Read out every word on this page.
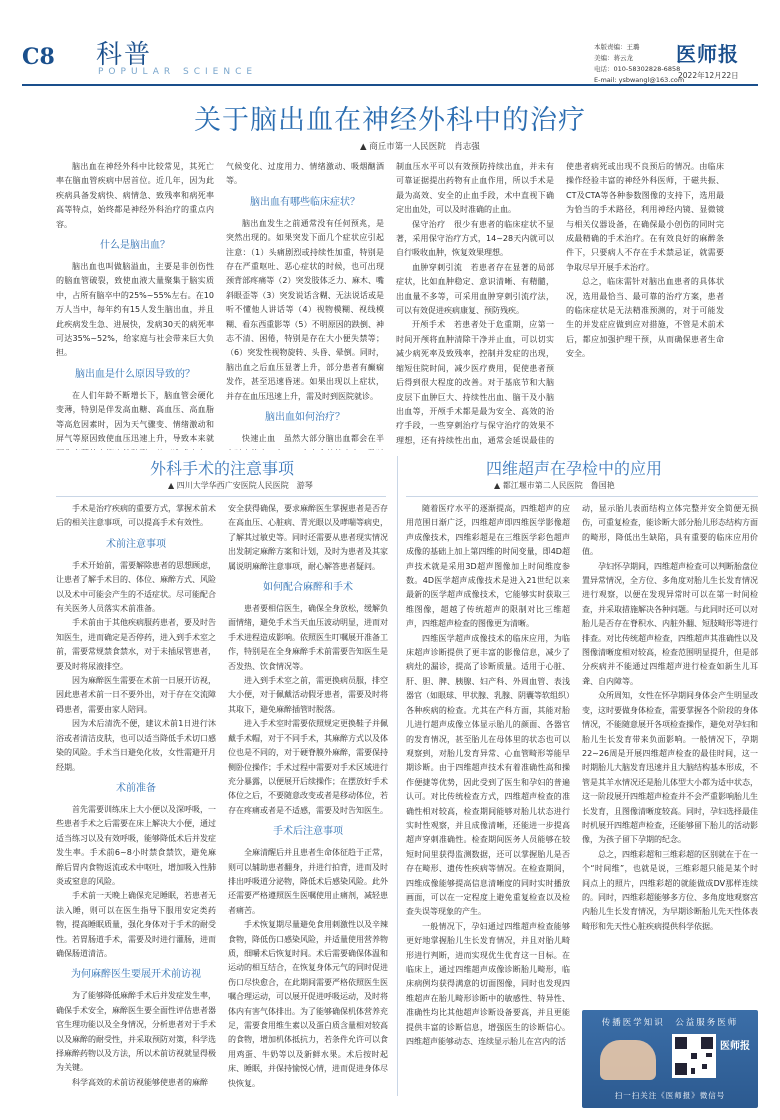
C8 科普
POPULAR SCIENCE
本版责编：王璐
美编：蒋云龙
电话：010-58302828-6858
E-mail: ysbwangl@163.com
医师报
2022年12月22日
关于脑出血在神经外科中的治疗
▲ 商丘市第一人民医院　肖志强

脑出血在神经外科中比较常见，其死亡率在脑血管疾病中居首位。近几年，因为此疾病具备发病快、病情急、致残率和病死率高等特点，始终都是神经外科治疗的重点内容。

什么是脑出血？

脑出血也叫做脑溢血，主要是非创伤性的脑血管破裂，致使血液大量聚集于脑实质中，占所有脑卒中的25%~55%左右。在10万人当中，每年约有15人发生脑出血，并且此疾病发生急、进展快，发病30天的病死率可达35%~52%，给家庭与社会带来巨大负担。

脑出血是什么原因导致的？

在人们年龄不断增长下，脑血管会硬化变薄，特别是伴发高血糖、高血压、高血脂等高危因素时，因为天气骤变、情绪激动和屏气等原因致使血压迅速上升，导致本来就

气候变化、过度用力、情绪激动、吸烟酗酒等。

脑出血有哪些临床症状？

脑出血发生之前通常没有任何预兆，是突然出现的。如果突发下面几个症状应引起注意：（1）头痛剧烈或持续性加重，特别是存在严重呕吐、恶心症状的时候，也可出现颈背部疼痛等（2）突发肢体乏力、麻木、嘴斜眼歪等（3）突发说话含糊、无法说话或是听不懂他人讲话等（4）视物模糊、视线模糊、看东西重影等（5）不明原因的跌倒、神志不清、困倦，特别是存在大小便失禁等；（6）突发性视物旋转、头昏、晕倒。同时，脑出血之后血压显著上升，部分患者有癫痫发作，甚至迅速昏迷。如果出现以上症状，并存在血压迅速上升，需及时到医院就诊。

脑出血如何治疗？

快速止血　虽然大部分脑出血都会在半

制血压水平可以有效预防持续出血，并未有可靠证据提出药物有止血作用，所以手术是最为高效、安全的止血手段，术中直视下确定出血处，可以及时准确的止血。

保守治疗　很少有患者的临床症状不显著，采用保守治疗方式，14~28天内就可以自行吸收血肿，恢复效果理想。

血肿穿刺引流　若患者存在显著的局部症状，比如血肿稳定、意识清晰、有精髓，出血量不多等，可采用血肿穿刺引流疗法，可以有效促进疾病康复、预防残疾。

开颅手术　若患者处于危重期，应第一时间开颅将血肿清除干净并止血，可以切实减少病死率及致残率，控制并发症的出现，缩短住院时间，减少医疗费用，促使患者预后得到很大程度的改善。对于基底节和大脑皮层下血肿巨大、持续性出血、脑干及小脑出血等，开颅手术都是最为安全、高效的治疗手段，一些穿刺治疗与保守治疗的效果不理想，还有持续性出血，通常会延误最佳的

使患者病死或出现不良预后的情况。由临床操作经验丰富的神经外科医师，于磁共振、CT及CTA等各种参数图像的支持下，选用最为恰当的手术路径，利用神经内镜、显微镜与相关仪器设备，在确保最小创伤的同时完成最精确的手术治疗。在有效良好的麻醉条件下，只要病人不存在手术禁忌证，就需要争取尽早开展手术治疗。

总之，临床需针对脑出血患者的具体状况，选用最恰当、最可靠的治疗方案，患者的临床症状是无法精准预测的，对于可能发生的并发症应做到应对措施，不管是术前术后，都应加强护理干预，从而确保患者生命安全。

外科手术的注意事项
▲ 四川大学华西广安医院人民医院　游琴

手术是治疗疾病的重要方式，掌握术前术后的相关注意事项，可以提高手术有效性。

术前注意事项

手术开始前，需要解除患者的思想顾虑，让患者了解手术目的、体位、麻醉方式、风险以及术中可能会产生的不适症状。尽可能配合有关医务人员落实术前准备。

手术前由于其他疾病服药患者，要及时告知医生，进而确定是否停药，进入到手术室之前，需要常规禁食禁水，对于未插尿管患者，要及时将尿液排空。

因为麻醉医生需要在术前一日展开访视，因此患者术前一日不要外出，对于存在交流障碍患者，需要由家人陪同。

因为术后清洗不便，建议术前1日进行沐浴或者清洁皮肤，也可以适当降低手术切口感染的风险。手术当日避免化妆，女性需避开月经期。

术前准备

首先需要训练床上大小便以及深呼吸，一些患者手术之后需要在床上解决大小便，通过适当练习以及有效呼吸，能够降低术后并发症发生率。手术前6~8小时禁食禁饮，避免麻醉后胃内食物返流或术中呕吐，增加吸入性肺炎或窒息的风险。

手术前一天晚上确保充足睡眠，若患者无法入睡，则可以在医生指导下服用安定类药物，提高睡眠质量，强化身体对于手术的耐受性。若胃肠道手术，需要及时进行灌肠，进而确保肠道清洁。

为何麻醉医生要展开术前访视

为了能够降低麻醉手术后并发症发生率，确保手术安全，麻醉医生要全面性评估患者器官生理功能以及全身情况，分析患者对于手术以及麻醉的耐受性，并采取预防对策，科学选择麻醉药物以及方法，所以术前访视就显得极为关键。

科学高效的术前访视能够使患者的麻醉

安全获得确保，要求麻醉医生掌握患者是否存在高血压、心脏病、青光眼以及哮喘等病史，了解其过敏史等。同时还需要从患者现实情况出发制定麻醉方案和计划，及时为患者及其家属说明麻醉注意事项，耐心解答患者疑问。

如何配合麻醉和手术

患者要相信医生，确保全身放松，缓解负面情绪，避免手术当天血压波动明显，进而对手术进程造成影响。依照医生叮嘱展开准备工作，特别是在全身麻醉手术前需要告知医生是否发热、饮食情况等。

进入到手术室之前，需更换病员服，排空大小便，对于佩戴活动假牙患者，需要及时将其取下，避免麻醉插管时脱落。

进入手术室时需要依照规定更换鞋子并佩戴手术帽，对于不同手术，其麻醉方式以及体位也是不同的，对于硬脊膜外麻醉，需要保持侧卧位操作；手术过程中需要对手术区域进行充分暴露，以便展开后续操作；在摆放好手术体位之后，不要随意改变或者是移动体位，若存在疼痛或者是不适感，需要及时告知医生。

手术后注意事项

全麻清醒后并且患者生命体征趋于正常，则可以辅助患者翻身，并进行拍背，进而及时排出呼吸道分泌物，降低术后感染风险。此外还需要严格遵照医生医嘱使用止痛剂，减轻患者痛苦。

手术恢复期尽量避免食用刺激性以及辛辣食物，降低伤口感染风险，并适量使用营养物质，细嚼术后恢复时间。术后需要确保体温和运动的相互结合，在恢复身体元气的同时促进伤口尽快愈合，在此期间需要严格依照医生医嘱合理运动，可以展开促进呼吸运动，及时将体内有害气体排出。为了能够确保机体营养充足，需要食用维生素以及蛋白质含量相对较高的食物，增加机体抵抗力，若条件允许可以食用鸡蛋、牛奶等以及新鲜水果。术后按时起床、睡眠，并保持愉悦心情，进而促进身体尽快恢复。

四维超声在孕检中的应用
▲ 都江堰市第二人民医院　鲁国艳

随着医疗水平的逐渐提高，四维超声的应用范围日渐广泛，四维超声即四维医学影像超声成像技术，四维彩超是在三维医学彩色超声成像的基础上加上第四维的时间变量，即4D超声技术就是采用3D超声图像加上时间维度参数。4D医学超声成像技术是进入21世纪以来最新的医学超声成像技术，它能够实时获取三维图像，超越了传统超声的限制对比三维超声，四维超声检查的图像更为清晰。

四维医学超声成像技术的临床应用，为临床超声诊断提供了更丰富的影像信息，减少了病灶的漏诊，提高了诊断质量。适用于心脏、肝、胆、脾、胰腺、妇产科、外周血管、表浅器官（如眼球、甲状腺、乳腺、阴囊等软组织）各种疾病的检查。尤其在产科方面，其能对胎儿进行超声成像立体显示胎儿的颜面、各器官的发育情况，甚至胎儿在母体里的状态也可以观察到，对胎儿发育异常、心血管畸形等能早期诊断。由于四维超声技术有着准确性高和操作便捷等优势，因此受到了医生和孕妇的普遍认可。对比传统检查方式，四维超声检查的准确性相对较高，检查期间能够对胎儿状态进行实时性观察，并且成像清晰，还能进一步提高超声穿刺准确性。检查期间医务人员能够在较短时间里获得监测数据，还可以掌握胎儿是否存在畸形、遗传性疾病等情况。在检查期间，四维成像能够提高信息清晰度的同时实时播放画面，可以在一定程度上避免重复检查以及检查失误等现象的产生。

一般情况下，孕妇通过四维超声检查能够更好地掌握胎儿生长发育情况，并且对胎儿畸形进行判断，进而实现优生优育这一目标。在临床上，通过四维超声成像诊断胎儿畸形，临床病例均获得满意的切面图像，同时也发现四维超声在胎儿畸形诊断中的敏感性、特异性、准确性均比其他超声诊断设备要高，并且更能提供丰富的诊断信息，增强医生的诊断信心。四维超声能够动态、连续显示胎儿在宫内的活

动，显示胎儿表面结构立体完整并安全简便无损伤，可重复检查，能诊断大部分胎儿形态结构方面的畸形，降低出生缺陷，具有重要的临床应用价值。

孕妇怀孕期间，四维超声检查可以判断胎盘位置异常情况，全方位、多角度对胎儿生长发育情况进行观察，以便在发现异常时可以在第一时间检查，并采取措施解决各种问题。与此同时还可以对胎儿是否存在脊积水、内脏外翻、短肢畸形等进行排查。对比传统超声检查，四维超声其准确性以及图像清晰度相对较高，检查范围明显提升，但是部分疾病并不能通过四维超声进行检查如新生儿耳聋、自内障等。

众所周知，女性在怀孕期间身体会产生明显改变，这时要做身体检查，需要掌握各个阶段的身体情况，不能随意展开各项检查操作，避免对孕妇和胎儿生长发育带来负面影响。一般情况下，孕期22~26周是开展四维超声检查的最佳时间，这一时期胎儿大脑发育迅速并且大脑结构基本形成，不管是其羊水情况还是胎儿体型大小都为适中状态，这一阶段展开四维超声检查并不会严重影响胎儿生长发育，且图像清晰度较高。同时，孕妇选择最佳时机展开四维超声检查，还能够留下胎儿的活动影像，为孩子留下孕期的纪念。

总之，四维彩超和三维彩超的区别就在于在一个“时间维”，也就是说，三维彩超只能是某个时间点上的照片，四维彩超的就能做成DV那样连续的。同时，四维彩超能够多方位、多角度地观察宫内胎儿生长发育情况，为早期诊断胎儿先天性体表畸形和先天性心脏疾病提供科学依据。

传播医学知识　公益服务医师
医师报
扫一扫关注《医师报》微信号
